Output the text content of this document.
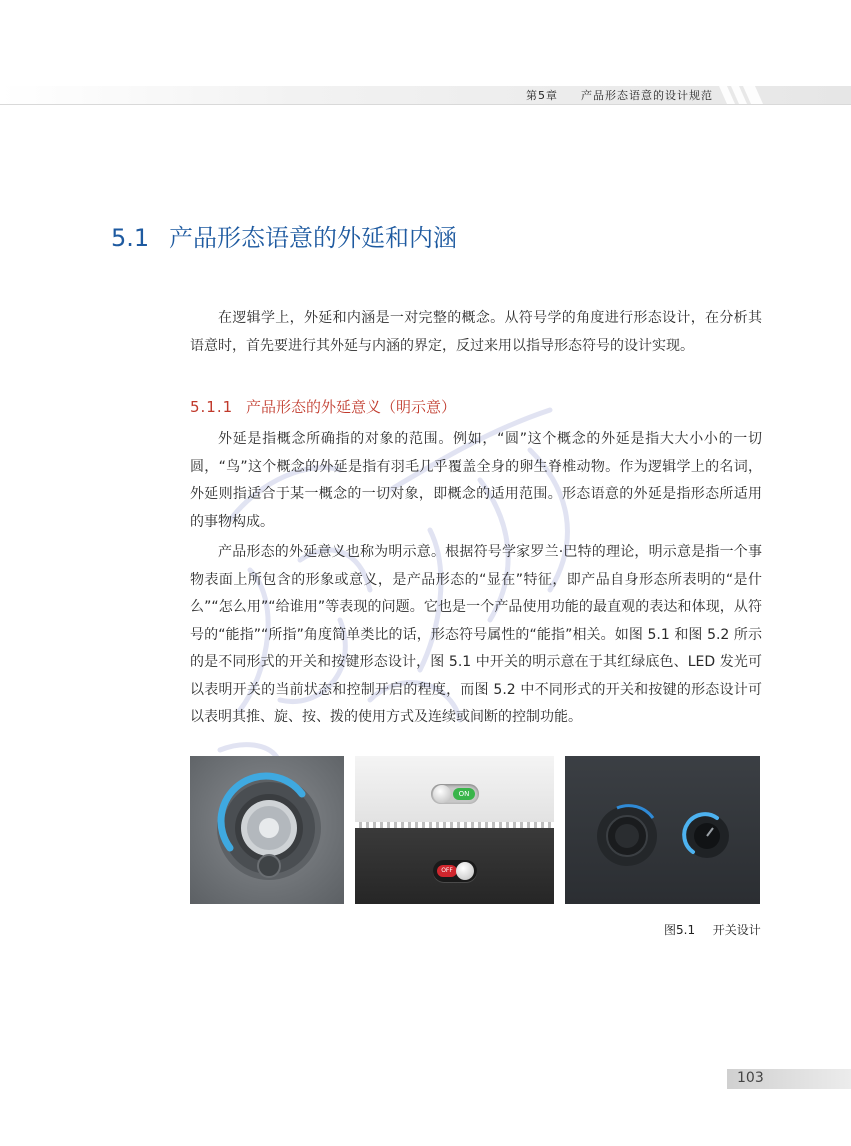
第5章 产品形态语意的设计规范
5.1 产品形态语意的外延和内涵

在逻辑学上，外延和内涵是一对完整的概念。从符号学的角度进行形态设计，在分析其语意时，首先要进行其外延与内涵的界定，反过来用以指导形态符号的设计实现。

5.1.1 产品形态的外延意义（明示意）

外延是指概念所确指的对象的范围。例如，“圆”这个概念的外延是指大大小小的一切圆，“鸟”这个概念的外延是指有羽毛几乎覆盖全身的卵生脊椎动物。作为逻辑学上的名词，外延则指适合于某一概念的一切对象，即概念的适用范围。形态语意的外延是指形态所适用的事物构成。

产品形态的外延意义也称为明示意。根据符号学家罗兰·巴特的理论，明示意是指一个事物表面上所包含的形象或意义，是产品形态的“显在”特征，即产品自身形态所表明的“是什么”“怎么用”“给谁用”等表现的问题。它也是一个产品使用功能的最直观的表达和体现，从符号的“能指”“所指”角度简单类比的话，形态符号属性的“能指”相关。如图 5.1 和图 5.2 所示的是不同形式的开关和按键形态设计，图 5.1 中开关的明示意在于其红绿底色、LED 发光可以表明开关的当前状态和控制开启的程度，而图 5.2 中不同形式的开关和按键的形态设计可以表明其推、旋、按、拨的使用方式及连续或间断的控制功能。

ON
OFF
图5.1 开关设计
103
